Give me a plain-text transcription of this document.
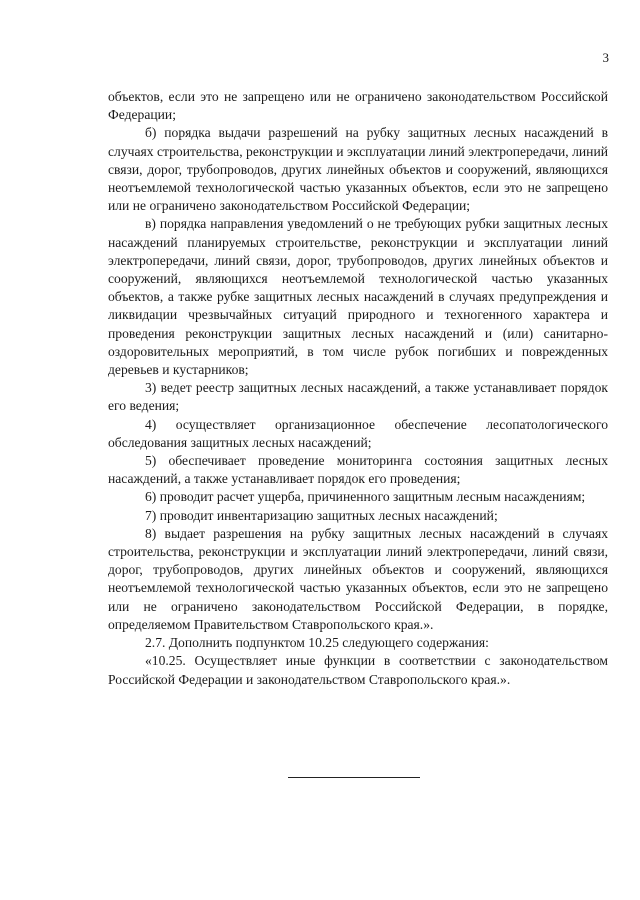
3

объектов, если это не запрещено или не ограничено законодательством Российской Федерации;

б) порядка выдачи разрешений на рубку защитных лесных насаждений в случаях строительства, реконструкции и эксплуатации линий электропередачи, линий связи, дорог, трубопроводов, других линейных объектов и сооружений, являющихся неотъемлемой технологической частью указанных объектов, если это не запрещено или не ограничено законодательством Российской Федерации;

в) порядка направления уведомлений о не требующих рубки защитных лесных насаждений планируемых строительстве, реконструкции и эксплуатации линий электропередачи, линий связи, дорог, трубопроводов, других линейных объектов и сооружений, являющихся неотъемлемой технологической частью указанных объектов, а также рубке защитных лесных насаждений в случаях предупреждения и ликвидации чрезвычайных ситуаций природного и техногенного характера и проведения реконструкции защитных лесных насаждений и (или) санитарно-оздоровительных мероприятий, в том числе рубок погибших и поврежденных деревьев и кустарников;

3) ведет реестр защитных лесных насаждений, а также устанавливает порядок его ведения;

4) осуществляет организационное обеспечение лесопатологического обследования защитных лесных насаждений;

5) обеспечивает проведение мониторинга состояния защитных лесных насаждений, а также устанавливает порядок его проведения;

6) проводит расчет ущерба, причиненного защитным лесным насаждениям;

7) проводит инвентаризацию защитных лесных насаждений;

8) выдает разрешения на рубку защитных лесных насаждений в случаях строительства, реконструкции и эксплуатации линий электропередачи, линий связи, дорог, трубопроводов, других линейных объектов и сооружений, являющихся неотъемлемой технологической частью указанных объектов, если это не запрещено или не ограничено законодательством Российской Федерации, в порядке, определяемом Правительством Ставропольского края.».

2.7. Дополнить подпунктом 10.25 следующего содержания:

«10.25. Осуществляет иные функции в соответствии с законодательством Российской Федерации и законодательством Ставропольского края.».
